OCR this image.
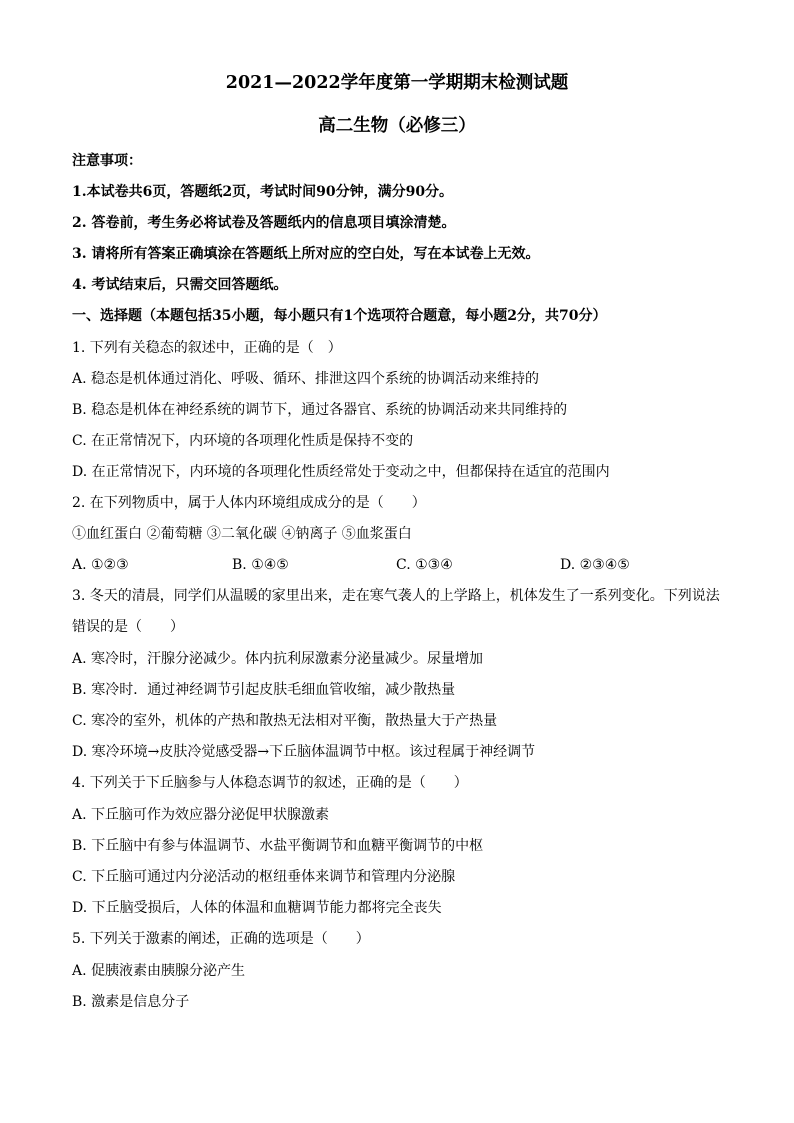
2021—2022学年度第一学期期末检测试题
高二生物（必修三）
注意事项：
1.本试卷共6页，答题纸2页，考试时间90分钟，满分90分。
2. 答卷前，考生务必将试卷及答题纸内的信息项目填涂清楚。
3. 请将所有答案正确填涂在答题纸上所对应的空白处，写在本试卷上无效。
4. 考试结束后，只需交回答题纸。
一、选择题（本题包括35小题，每小题只有1个选项符合题意，每小题2分，共70分）
1. 下列有关稳态的叙述中，正确的是（　）
A. 稳态是机体通过消化、呼吸、循环、排泄这四个系统的协调活动来维持的
B. 稳态是机体在神经系统的调节下，通过各器官、系统的协调活动来共同维持的
C. 在正常情况下，内环境的各项理化性质是保持不变的
D. 在正常情况下，内环境的各项理化性质经常处于变动之中，但都保持在适宜的范围内
2. 在下列物质中，属于人体内环境组成成分的是（　　）
①血红蛋白 ②葡萄糖 ③二氧化碳 ④钠离子 ⑤血浆蛋白
A. ①②③	B. ①④⑤	C. ①③④	D. ②③④⑤
3. 冬天的清晨，同学们从温暖的家里出来，走在寒气袭人的上学路上，机体发生了一系列变化。下列说法
错误的是（　　）
A. 寒冷时，汗腺分泌减少。体内抗利尿激素分泌量减少。尿量增加
B. 寒冷时．通过神经调节引起皮肤毛细血管收缩，减少散热量
C. 寒冷的室外，机体的产热和散热无法相对平衡，散热量大于产热量
D. 寒冷环境→皮肤冷觉感受器→下丘脑体温调节中枢。该过程属于神经调节
4. 下列关于下丘脑参与人体稳态调节的叙述，正确的是（　　）
A. 下丘脑可作为效应器分泌促甲状腺激素
B. 下丘脑中有参与体温调节、水盐平衡调节和血糖平衡调节的中枢
C. 下丘脑可通过内分泌活动的枢纽垂体来调节和管理内分泌腺
D. 下丘脑受损后，人体的体温和血糖调节能力都将完全丧失
5. 下列关于激素的阐述，正确的选项是（　　）
A. 促胰液素由胰腺分泌产生
B. 激素是信息分子
